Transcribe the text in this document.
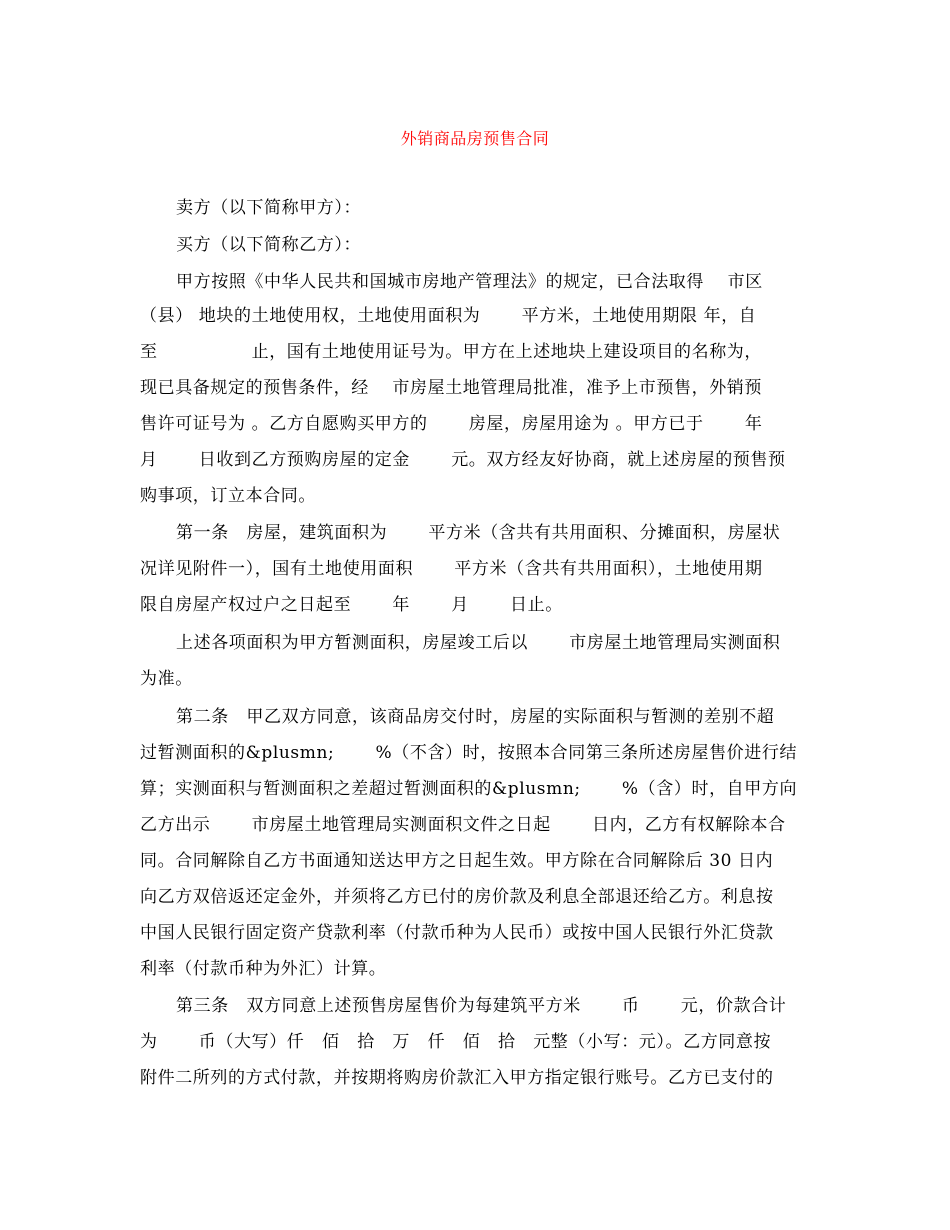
外销商品房预售合同
卖方（以下简称甲方）：
买方（以下简称乙方）：
甲方按照《中华人民共和国城市房地产管理法》的规定，已合法取得　 市区
（县） 地块的土地使用权，土地使用面积为　　 平方米，土地使用期限 年，自
至　　　　　 止，国有土地使用证号为。甲方在上述地块上建设项目的名称为，
现已具备规定的预售条件，经　 市房屋土地管理局批准，准予上市预售，外销预
售许可证号为 。乙方自愿购买甲方的　　 房屋，房屋用途为 。甲方已于　　 年
月　　 日收到乙方预购房屋的定金　　 元。双方经友好协商，就上述房屋的预售预
购事项，订立本合同。
第一条　房屋，建筑面积为　　 平方米（含共有共用面积、分摊面积，房屋状
况详见附件一），国有土地使用面积　　 平方米（含共有共用面积），土地使用期
限自房屋产权过户之日起至　　 年　　 月　　 日止。
上述各项面积为甲方暂测面积，房屋竣工后以　　 市房屋土地管理局实测面积
为准。
第二条　甲乙双方同意，该商品房交付时，房屋的实际面积与暂测的差别不超
过暂测面积的&plusmn;　　 %（不含）时，按照本合同第三条所述房屋售价进行结
算；实测面积与暂测面积之差超过暂测面积的&plusmn;　　 %（含）时，自甲方向
乙方出示　　 市房屋土地管理局实测面积文件之日起　　 日内，乙方有权解除本合
同。合同解除自乙方书面通知送达甲方之日起生效。甲方除在合同解除后 30 日内
向乙方双倍返还定金外，并须将乙方已付的房价款及利息全部退还给乙方。利息按
中国人民银行固定资产贷款利率（付款币种为人民币）或按中国人民银行外汇贷款
利率（付款币种为外汇）计算。
第三条　双方同意上述预售房屋售价为每建筑平方米　　 币　　 元，价款合计
为　　 币（大写）仟　佰　拾　万　仟　佰　拾　元整（小写：元）。乙方同意按
附件二所列的方式付款，并按期将购房价款汇入甲方指定银行账号。乙方已支付的
